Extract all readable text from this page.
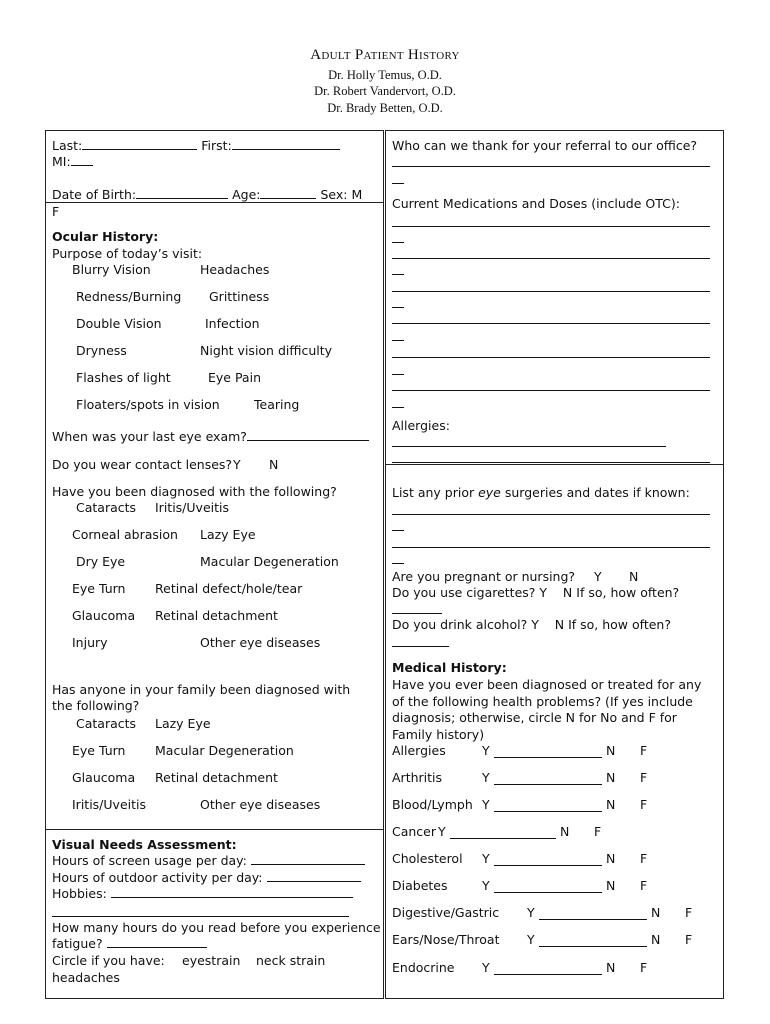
Adult Patient History
Dr. Holly Temus, O.D.
Dr. Robert Vandervort, O.D.
Dr. Brady Betten, O.D.
Last:	First:
MI:
Date of Birth:	Age:	Sex: M
F
Ocular History:
Purpose of today’s visit:
Blurry Vision	Headaches
Redness/Burning Grittiness
Double Vision	Infection
Dryness	Night vision difficulty
Flashes of light	Eye Pain
Floaters/spots in vision	Tearing
When was your last eye exam?
Do you wear contact lenses? Y N
Have you been diagnosed with the following?
Cataracts Iritis/Uveitis
Corneal abrasion Lazy Eye
Dry Eye	Macular Degeneration
Eye Turn Retinal defect/hole/tear
Glaucoma Retinal detachment
Injury	Other eye diseases
Has anyone in your family been diagnosed with the following?
Cataracts Lazy Eye
Eye Turn Macular Degeneration
Glaucoma Retinal detachment
Iritis/Uveitis	Other eye diseases
Visual Needs Assessment:
Hours of screen usage per day:
Hours of outdoor activity per day:
Hobbies:
How many hours do you read before you experience fatigue?
Circle if you have: eyestrain neck strain
headaches
Who can we thank for your referral to our office?
Current Medications and Doses (include OTC):
Allergies:
List any prior eye surgeries and dates if known:
Are you pregnant or nursing? Y N
Do you use cigarettes? Y    N If so, how often?
Do you drink alcohol? Y    N If so, how often?
Medical History:
Have you ever been diagnosed or treated for any of the following health problems? (If yes include diagnosis; otherwise, circle N for No and F for Family history)
Allergies	Y	N F
Arthritis	Y	N F
Blood/Lymph Y	N F
Cancer Y	N F
Cholesterol Y	N F
Diabetes	Y	N F
Digestive/Gastric Y	N F
Ears/Nose/Throat Y	N F
Endocrine Y	N F
